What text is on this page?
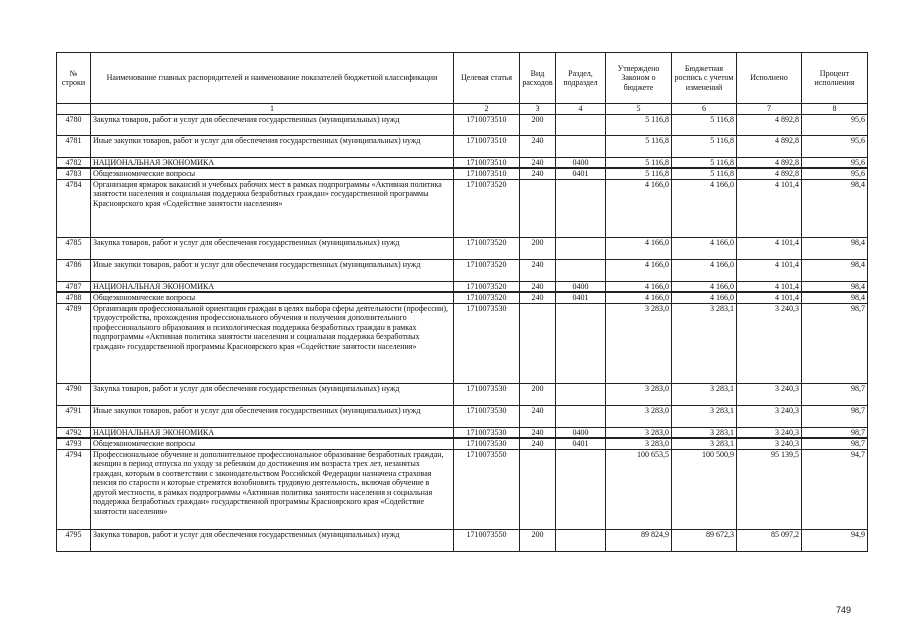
№ строки	Наименование главных распорядителей и наименование показателей бюджетной классификации	Целевая статья	Вид расходов	Раздел, подраздел	Утверждено Законом о бюджете	Бюджетная роспись с учетом изменений	Исполнено	Процент исполнения
	1	2	3	4	5	6	7	8
4780	Закупка товаров, работ и услуг для обеспечения государственных (муниципальных) нужд	1710073510	200		5 116,8	5 116,8	4 892,8	95,6
4781	Иные закупки товаров, работ и услуг для обеспечения государственных (муниципальных) нужд	1710073510	240		5 116,8	5 116,8	4 892,8	95,6
4782	НАЦИОНАЛЬНАЯ ЭКОНОМИКА	1710073510	240	0400	5 116,8	5 116,8	4 892,8	95,6
4783	Общеэкономические вопросы	1710073510	240	0401	5 116,8	5 116,8	4 892,8	95,6
4784	Организация ярмарок вакансий и учебных рабочих мест в рамках подпрограммы «Активная политика занятости населения и социальная поддержка безработных граждан» государственной программы Красноярского края «Содействие занятости населения»	1710073520			4 166,0	4 166,0	4 101,4	98,4
4785	Закупка товаров, работ и услуг для обеспечения государственных (муниципальных) нужд	1710073520	200		4 166,0	4 166,0	4 101,4	98,4
4786	Иные закупки товаров, работ и услуг для обеспечения государственных (муниципальных) нужд	1710073520	240		4 166,0	4 166,0	4 101,4	98,4
4787	НАЦИОНАЛЬНАЯ ЭКОНОМИКА	1710073520	240	0400	4 166,0	4 166,0	4 101,4	98,4
4788	Общеэкономические вопросы	1710073520	240	0401	4 166,0	4 166,0	4 101,4	98,4
4789	Организация профессиональной ориентации граждан в целях выбора сферы деятельности (профессии), трудоустройства, прохождения профессионального обучения и получения дополнительного профессионального образования и психологическая поддержка безработных граждан в рамках подпрограммы «Активная политика занятости населения и социальная поддержка безработных граждан» государственной программы Красноярского края «Содействие занятости населения»	1710073530			3 283,0	3 283,1	3 240,3	98,7
4790	Закупка товаров, работ и услуг для обеспечения государственных (муниципальных) нужд	1710073530	200		3 283,0	3 283,1	3 240,3	98,7
4791	Иные закупки товаров, работ и услуг для обеспечения государственных (муниципальных) нужд	1710073530	240		3 283,0	3 283,1	3 240,3	98,7
4792	НАЦИОНАЛЬНАЯ ЭКОНОМИКА	1710073530	240	0400	3 283,0	3 283,1	3 240,3	98,7
4793	Общеэкономические вопросы	1710073530	240	0401	3 283,0	3 283,1	3 240,3	98,7
4794	Профессиональное обучение и дополнительное профессиональное образование безработных граждан, женщин в период отпуска по уходу за ребенком до достижения им возраста трех лет, незанятых граждан, которым в соответствии с законодательством Российской Федерации назначена страховая пенсия по старости и которые стремятся возобновить трудовую деятельность, включая обучение в другой местности, в рамках подпрограммы «Активная политика занятости населения и социальная поддержка безработных граждан» государственной программы Красноярского края «Содействие занятости населения»	1710073550			100 653,5	100 500,9	95 139,5	94,7
4795	Закупка товаров, работ и услуг для обеспечения государственных (муниципальных) нужд	1710073550	200		89 824,9	89 672,3	85 097,2	94,9
749
